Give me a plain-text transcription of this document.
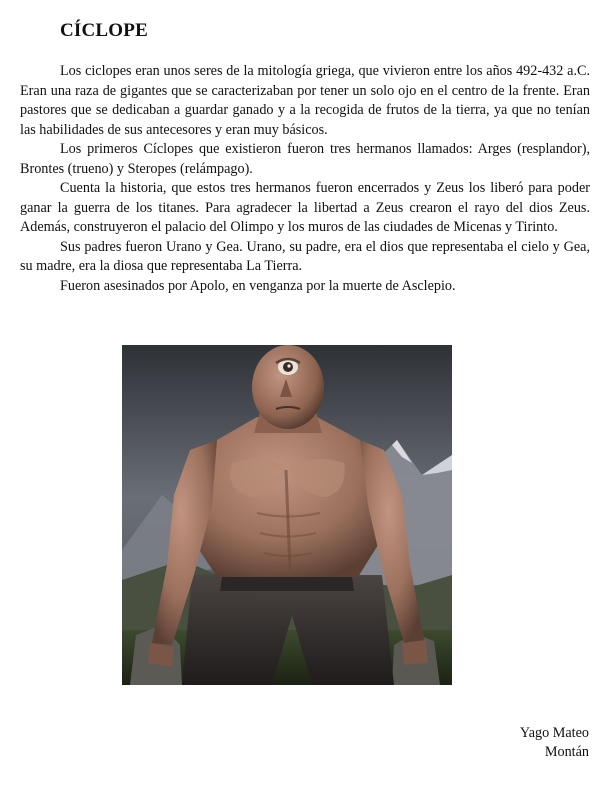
CÍCLOPE

Los ciclopes eran unos seres de la mitología griega, que vivieron entre los años 492-432 a.C. Eran una raza de gigantes que se caracterizaban por tener un solo ojo en el centro de la frente. Eran pastores que se dedicaban a guardar ganado y a la recogida de frutos de la tierra, ya que no tenían las habilidades de sus antecesores y eran muy básicos.

Los primeros Cíclopes que existieron fueron tres hermanos llamados: Arges (resplandor), Brontes (trueno) y Steropes (relámpago).

Cuenta la historia, que estos tres hermanos fueron encerrados y Zeus los liberó para poder ganar la guerra de los titanes. Para agradecer la libertad a Zeus crearon el rayo del dios Zeus. Además, construyeron el palacio del Olimpo y los muros de las ciudades de Micenas y Tirinto.

Sus padres fueron Urano y Gea. Urano, su padre, era el dios que representaba el cielo y Gea, su madre, era la diosa que representaba La Tierra.

Fueron asesinados por Apolo, en venganza por la muerte de Asclepio.

Yago Mateo
Montán
